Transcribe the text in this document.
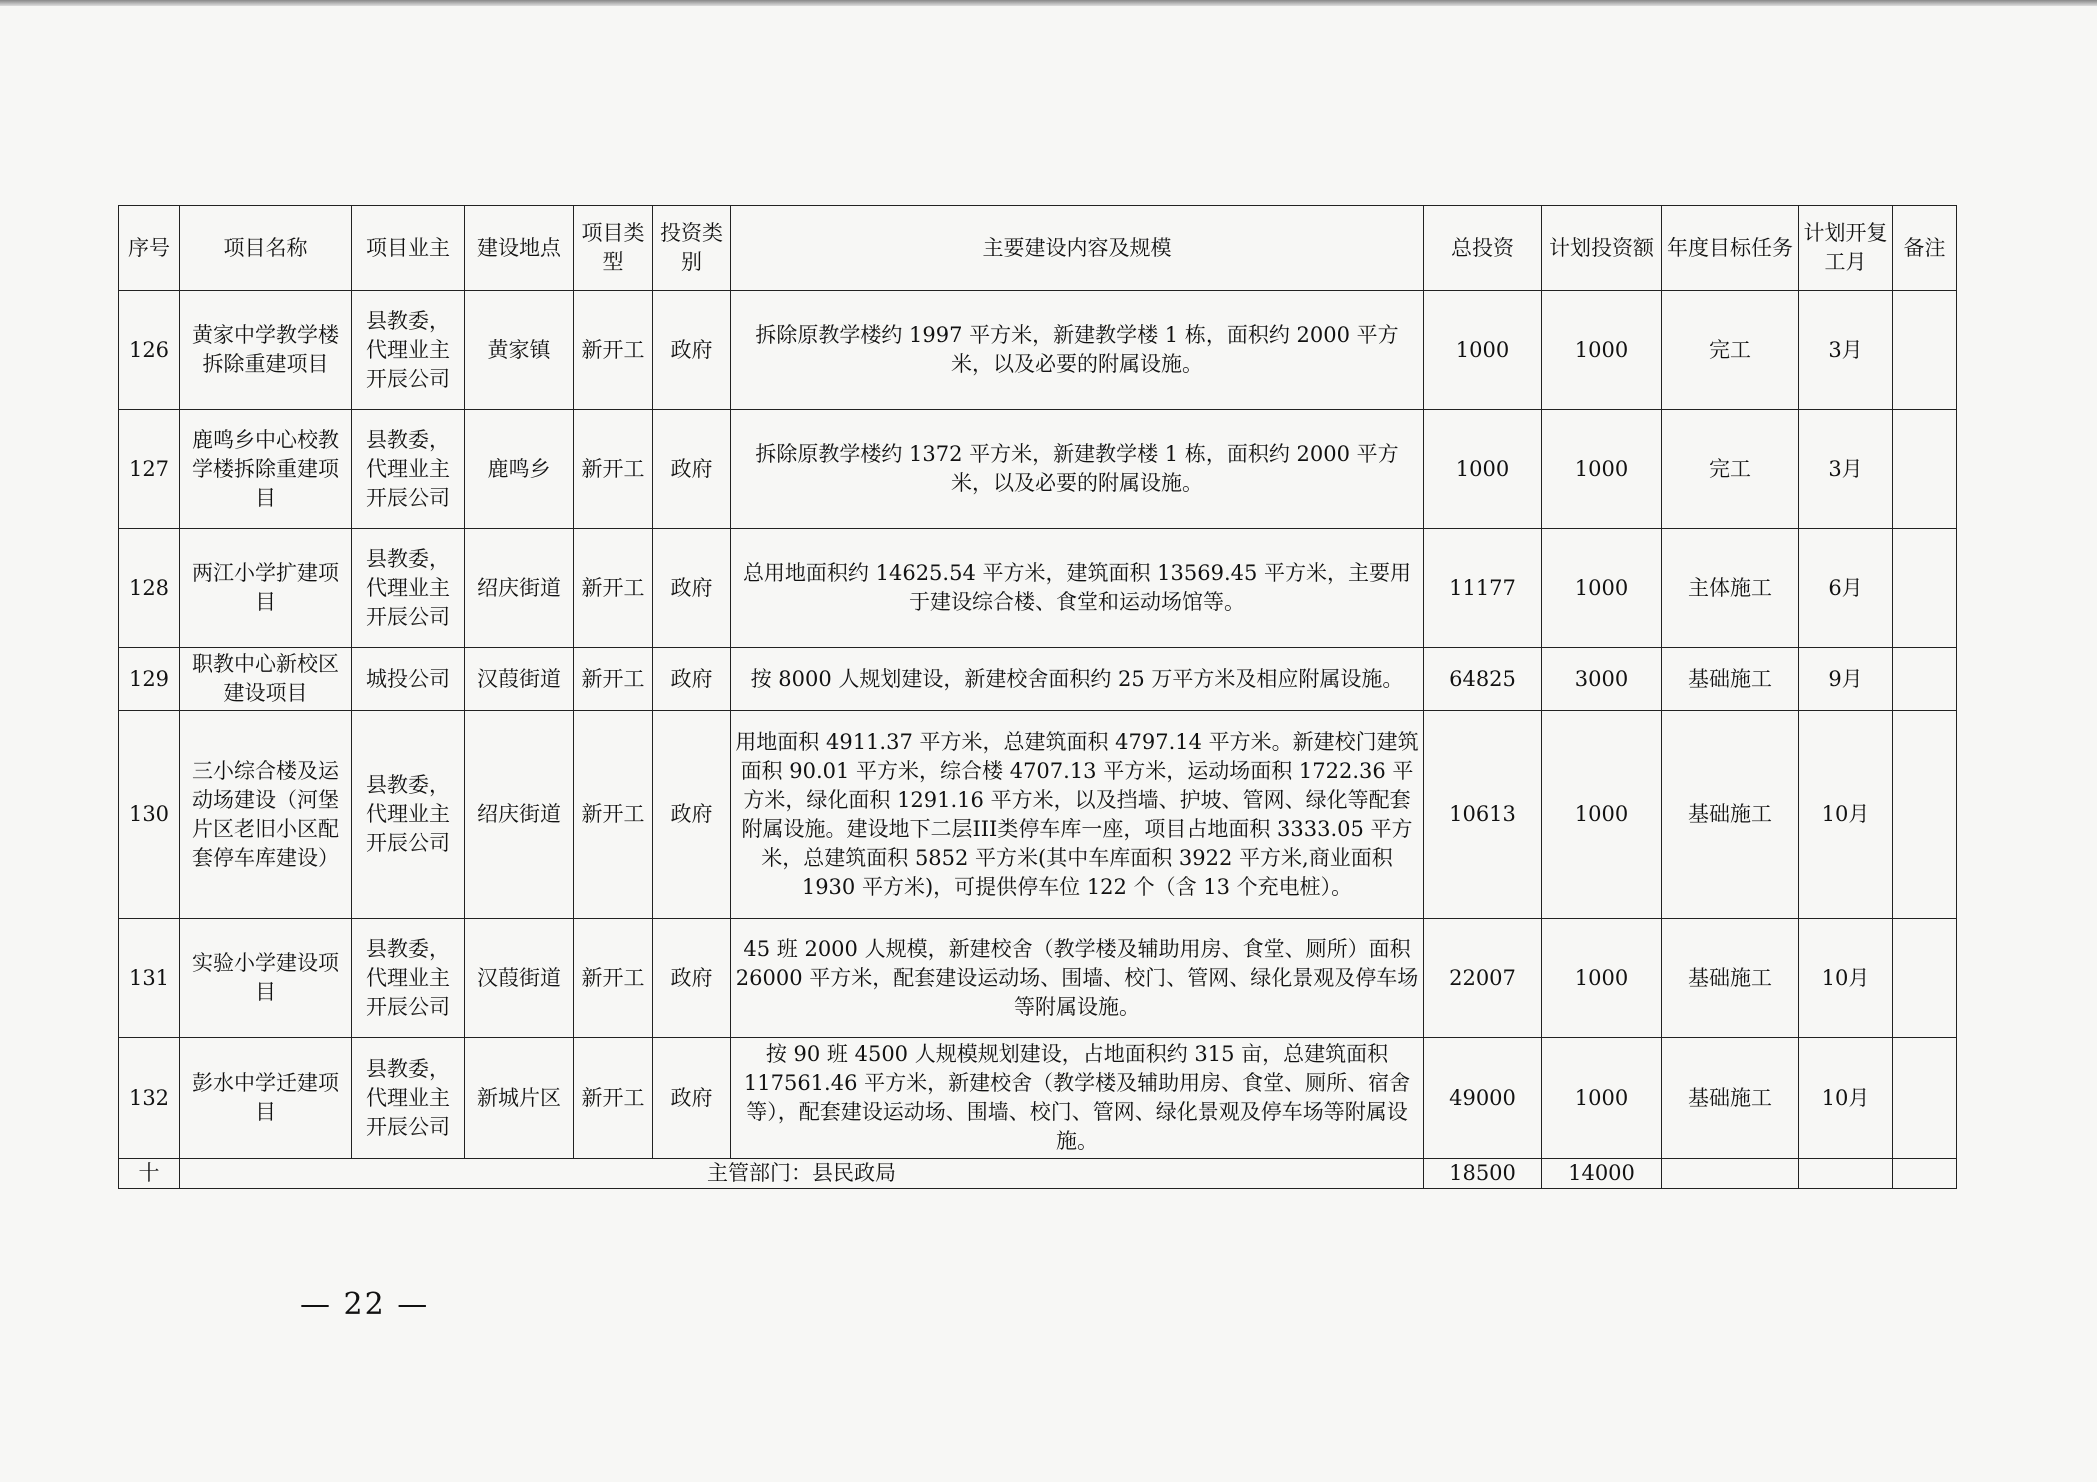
序号	项目名称	项目业主	建设地点	项目类型	投资类别	主要建设内容及规模	总投资	计划投资额	年度目标任务	计划开复工月	备注
126	黄家中学教学楼拆除重建项目	县教委，代理业主开辰公司	黄家镇	新开工	政府	拆除原教学楼约 1997 平方米，新建教学楼 1 栋，面积约 2000 平方米，以及必要的附属设施。	1000	1000	完工	3月	
127	鹿鸣乡中心校教学楼拆除重建项目	县教委，代理业主开辰公司	鹿鸣乡	新开工	政府	拆除原教学楼约 1372 平方米，新建教学楼 1 栋，面积约 2000 平方米，以及必要的附属设施。	1000	1000	完工	3月	
128	两江小学扩建项目	县教委，代理业主开辰公司	绍庆街道	新开工	政府	总用地面积约 14625.54 平方米，建筑面积 13569.45 平方米，主要用于建设综合楼、食堂和运动场馆等。	11177	1000	主体施工	6月	
129	职教中心新校区建设项目	城投公司	汉葭街道	新开工	政府	按 8000 人规划建设，新建校舍面积约 25 万平方米及相应附属设施。	64825	3000	基础施工	9月	
130	三小综合楼及运动场建设（河堡片区老旧小区配套停车库建设）	县教委，代理业主开辰公司	绍庆街道	新开工	政府	用地面积 4911.37 平方米，总建筑面积 4797.14 平方米。新建校门建筑面积 90.01 平方米，综合楼 4707.13 平方米，运动场面积 1722.36 平方米，绿化面积 1291.16 平方米，以及挡墙、护坡、管网、绿化等配套附属设施。建设地下二层III类停车库一座，项目占地面积 3333.05 平方米，总建筑面积 5852 平方米(其中车库面积 3922 平方米,商业面积 1930 平方米)，可提供停车位 122 个（含 13 个充电桩）。	10613	1000	基础施工	10月	
131	实验小学建设项目	县教委，代理业主开辰公司	汉葭街道	新开工	政府	45 班 2000 人规模，新建校舍（教学楼及辅助用房、食堂、厕所）面积 26000 平方米，配套建设运动场、围墙、校门、管网、绿化景观及停车场等附属设施。	22007	1000	基础施工	10月	
132	彭水中学迁建项目	县教委，代理业主开辰公司	新城片区	新开工	政府	按 90 班 4500 人规模规划建设，占地面积约 315 亩，总建筑面积 117561.46 平方米，新建校舍（教学楼及辅助用房、食堂、厕所、宿舍等），配套建设运动场、围墙、校门、管网、绿化景观及停车场等附属设施。	49000	1000	基础施工	10月	
十	主管部门：县民政局						18500	14000			
— 22 —
